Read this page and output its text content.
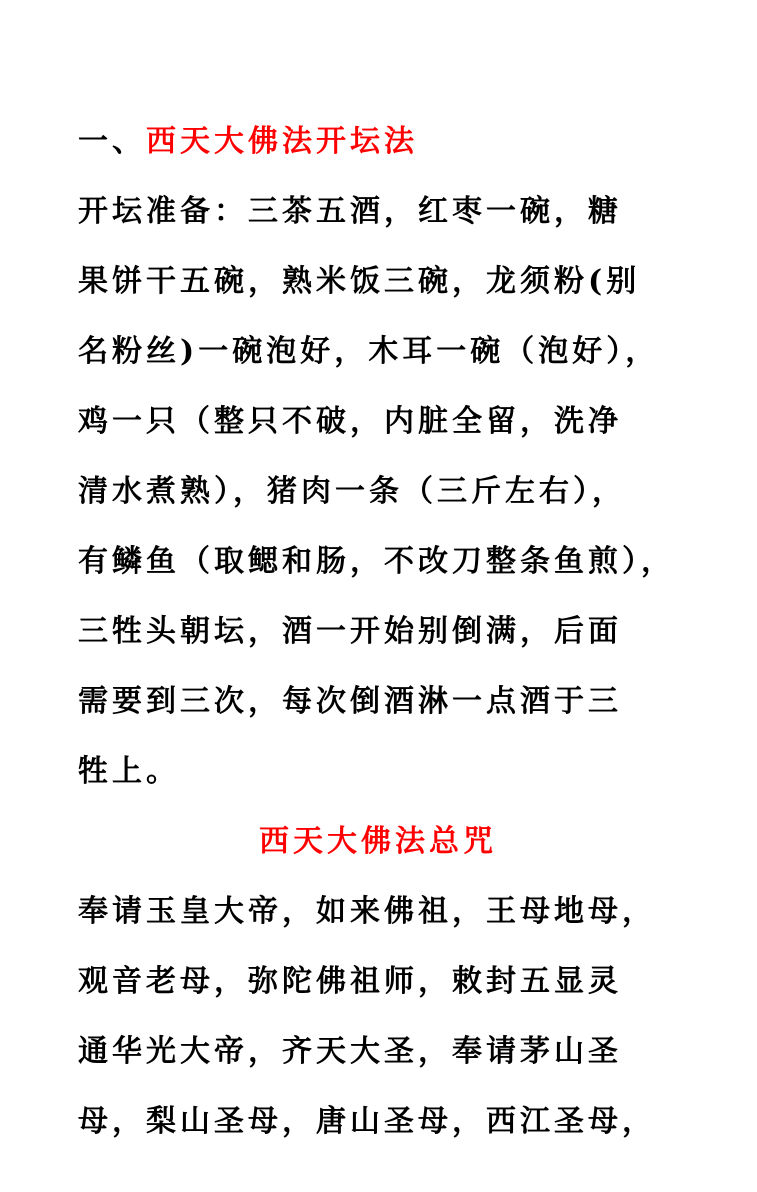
一、西天大佛法开坛法

开坛准备：三茶五酒，红枣一碗，糖

果饼干五碗，熟米饭三碗，龙须粉(别

名粉丝)一碗泡好，木耳一碗（泡好），

鸡一只（整只不破，内脏全留，洗净

清水煮熟），猪肉一条（三斤左右），

有鳞鱼（取鳃和肠，不改刀整条鱼煎），

三牲头朝坛，酒一开始别倒满，后面

需要到三次，每次倒酒淋一点酒于三

牲上。

西天大佛法总咒

奉请玉皇大帝，如来佛祖，王母地母，

观音老母，弥陀佛祖师，敕封五显灵

通华光大帝，齐天大圣，奉请茅山圣

母，梨山圣母，唐山圣母，西江圣母，
